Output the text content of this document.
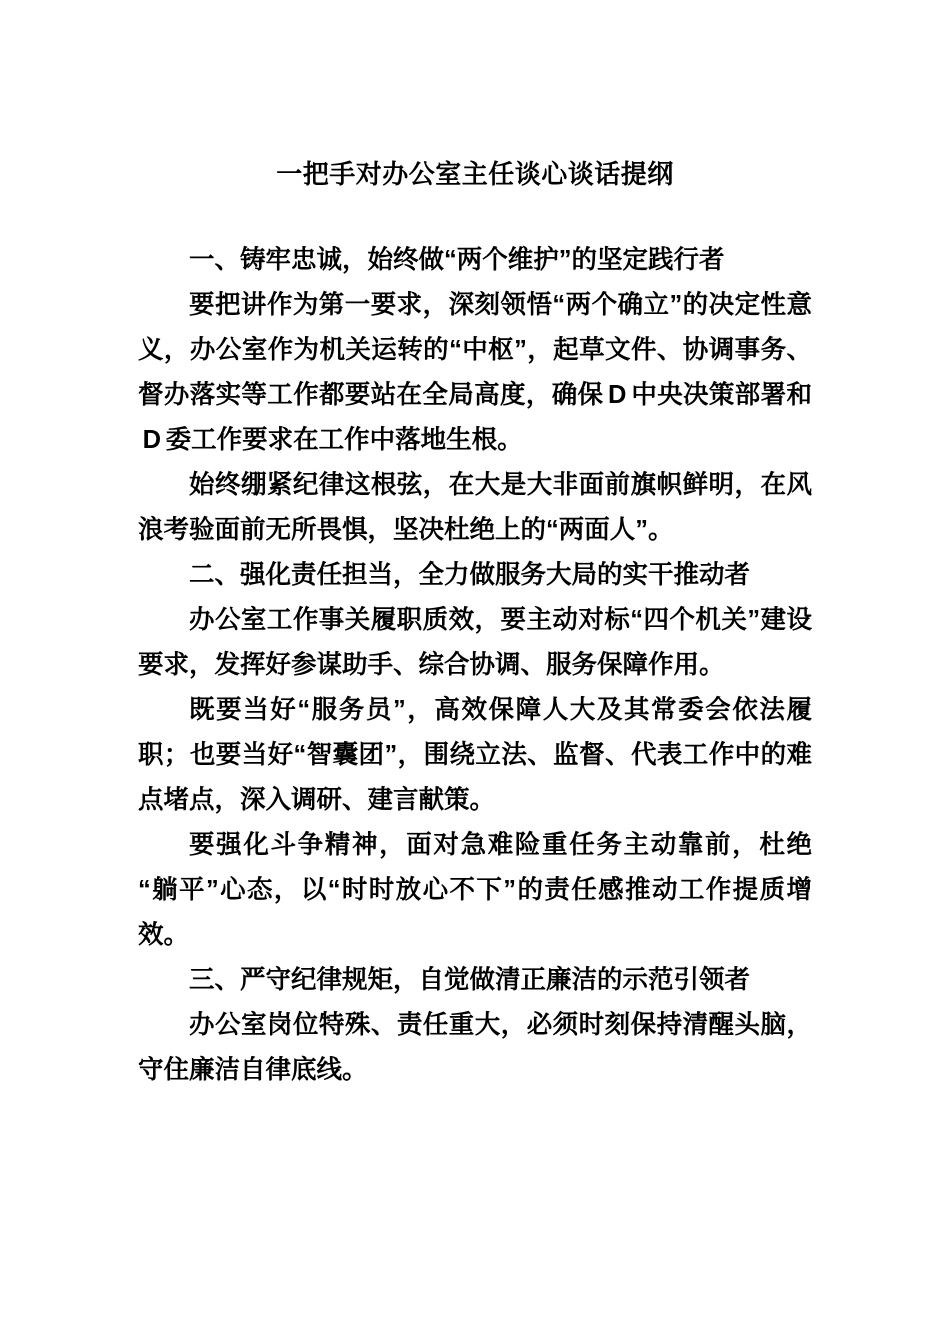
一把手对办公室主任谈心谈话提纲

一、铸牢忠诚，始终做“两个维护”的坚定践行者

要把讲作为第一要求，深刻领悟“两个确立”的决定性意义，办公室作为机关运转的“中枢”，起草文件、协调事务、督办落实等工作都要站在全局高度，确保 D 中央决策部署和D 委工作要求在工作中落地生根。

始终绷紧纪律这根弦，在大是大非面前旗帜鲜明，在风浪考验面前无所畏惧，坚决杜绝上的“两面人”。

二、强化责任担当，全力做服务大局的实干推动者

办公室工作事关履职质效，要主动对标“四个机关”建设要求，发挥好参谋助手、综合协调、服务保障作用。

既要当好“服务员”，高效保障人大及其常委会依法履职；也要当好“智囊团”，围绕立法、监督、代表工作中的难点堵点，深入调研、建言献策。

要强化斗争精神，面对急难险重任务主动靠前，杜绝“躺平”心态，以“时时放心不下”的责任感推动工作提质增效。

三、严守纪律规矩，自觉做清正廉洁的示范引领者

办公室岗位特殊、责任重大，必须时刻保持清醒头脑，守住廉洁自律底线。
